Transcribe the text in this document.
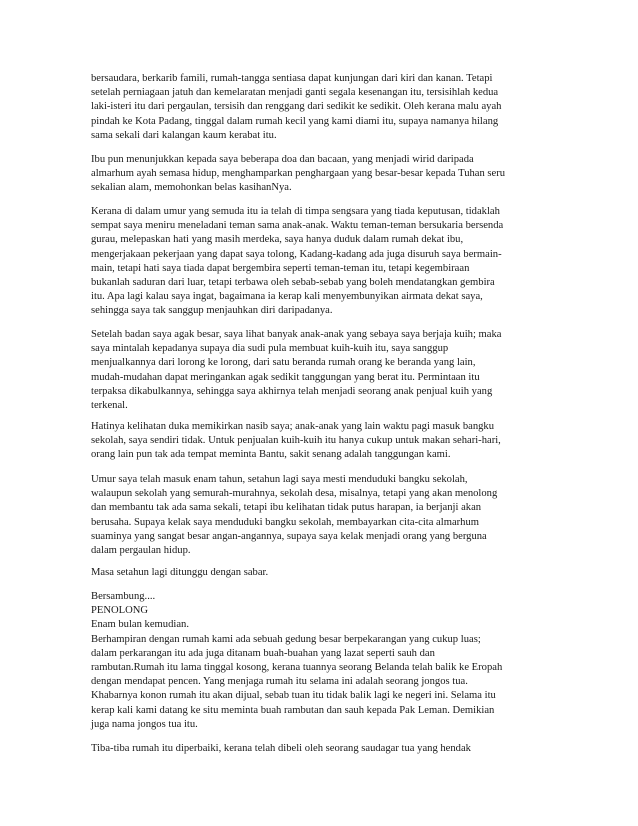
bersaudara, berkarib famili, rumah-tangga sentiasa dapat kunjungan dari kiri dan kanan. Tetapi
setelah perniagaan jatuh dan kemelaratan menjadi ganti segala kesenangan itu, tersisihlah kedua
laki-isteri itu dari pergaulan, tersisih dan renggang dari sedikit ke sedikit. Oleh kerana malu ayah
pindah ke Kota Padang, tinggal dalam rumah kecil yang kami diami itu, supaya namanya hilang
sama sekali dari kalangan kaum kerabat itu.
Ibu pun menunjukkan kepada saya beberapa doa dan bacaan, yang menjadi wirid daripada
almarhum ayah semasa hidup, menghamparkan penghargaan yang besar-besar kepada Tuhan seru
sekalian alam, memohonkan belas kasihanNya.
Kerana di dalam umur yang semuda itu ia telah di timpa sengsara yang tiada keputusan, tidaklah
sempat saya meniru meneladani teman sama anak-anak. Waktu teman-teman bersukaria bersenda
gurau, melepaskan hati yang masih merdeka, saya hanya duduk dalam rumah dekat ibu,
mengerjakaan pekerjaan yang dapat saya tolong, Kadang-kadang ada juga disuruh saya bermain-
main, tetapi hati saya tiada dapat bergembira seperti teman-teman itu, tetapi kegembiraan
bukanlah saduran dari luar, tetapi terbawa oleh sebab-sebab yang boleh mendatangkan gembira
itu. Apa lagi kalau saya ingat, bagaimana ia kerap kali menyembunyikan airmata dekat saya,
sehingga saya tak sanggup menjauhkan diri daripadanya.
Setelah badan saya agak besar, saya lihat banyak anak-anak yang sebaya saya berjaja kuih; maka
saya mintalah kepadanya supaya dia sudi pula membuat kuih-kuih itu, saya sanggup
menjualkannya dari lorong ke lorong, dari satu beranda rumah orang ke beranda yang lain,
mudah-mudahan dapat meringankan agak sedikit tanggungan yang berat itu. Permintaan itu
terpaksa dikabulkannya, sehingga saya akhirnya telah menjadi seorang anak penjual kuih yang
terkenal.
Hatinya kelihatan duka memikirkan nasib saya; anak-anak yang lain waktu pagi masuk bangku
sekolah, saya sendiri tidak. Untuk penjualan kuih-kuih itu hanya cukup untuk makan sehari-hari,
orang lain pun tak ada tempat meminta Bantu, sakit senang adalah tanggungan kami.
Umur saya telah masuk enam tahun, setahun lagi saya mesti menduduki bangku sekolah,
walaupun sekolah yang semurah-murahnya, sekolah desa, misalnya, tetapi yang akan menolong
dan membantu tak ada sama sekali, tetapi ibu kelihatan tidak putus harapan, ia berjanji akan
berusaha. Supaya kelak saya menduduki bangku sekolah, membayarkan cita-cita almarhum
suaminya yang sangat besar angan-angannya, supaya saya kelak menjadi orang yang berguna
dalam pergaulan hidup.
Masa setahun lagi ditunggu dengan sabar.
Bersambung....
PENOLONG
Enam bulan kemudian.
Berhampiran dengan rumah kami ada sebuah gedung besar berpekarangan yang cukup luas;
dalam perkarangan itu ada juga ditanam buah-buahan yang lazat seperti sauh dan
rambutan.Rumah itu lama tinggal kosong, kerana tuannya seorang Belanda telah balik ke Eropah
dengan mendapat pencen. Yang menjaga rumah itu selama ini adalah seorang jongos tua.
Khabarnya konon rumah itu akan dijual, sebab tuan itu tidak balik lagi ke negeri ini. Selama itu
kerap kali kami datang ke situ meminta buah rambutan dan sauh kepada Pak Leman. Demikian
juga nama jongos tua itu.
Tiba-tiba rumah itu diperbaiki, kerana telah dibeli oleh seorang saudagar tua yang hendak
